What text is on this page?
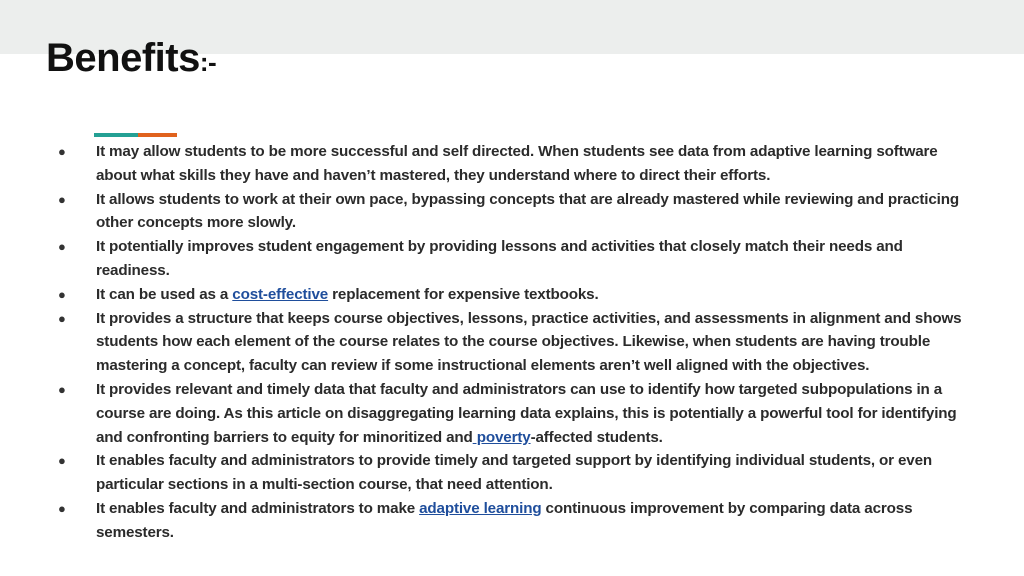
Benefits:-
● It may allow students to be more successful and self directed. When students see data from adaptive learning software about what skills they have and haven’t mastered, they understand where to direct their efforts.
● It allows students to work at their own pace, bypassing concepts that are already mastered while reviewing and practicing other concepts more slowly.
● It potentially improves student engagement by providing lessons and activities that closely match their needs and readiness.
● It can be used as a cost-effective replacement for expensive textbooks.
● It provides a structure that keeps course objectives, lessons, practice activities, and assessments in alignment and shows students how each element of the course relates to the course objectives. Likewise, when students are having trouble mastering a concept, faculty can review if some instructional elements aren’t well aligned with the objectives.
● It provides relevant and timely data that faculty and administrators can use to identify how targeted subpopulations in a course are doing. As this article on disaggregating learning data explains, this is potentially a powerful tool for identifying and confronting barriers to equity for minoritized and poverty-affected students.
● It enables faculty and administrators to provide timely and targeted support by identifying individual students, or even particular sections in a multi-section course, that need attention.
● It enables faculty and administrators to make adaptive learning continuous improvement by comparing data across semesters.
